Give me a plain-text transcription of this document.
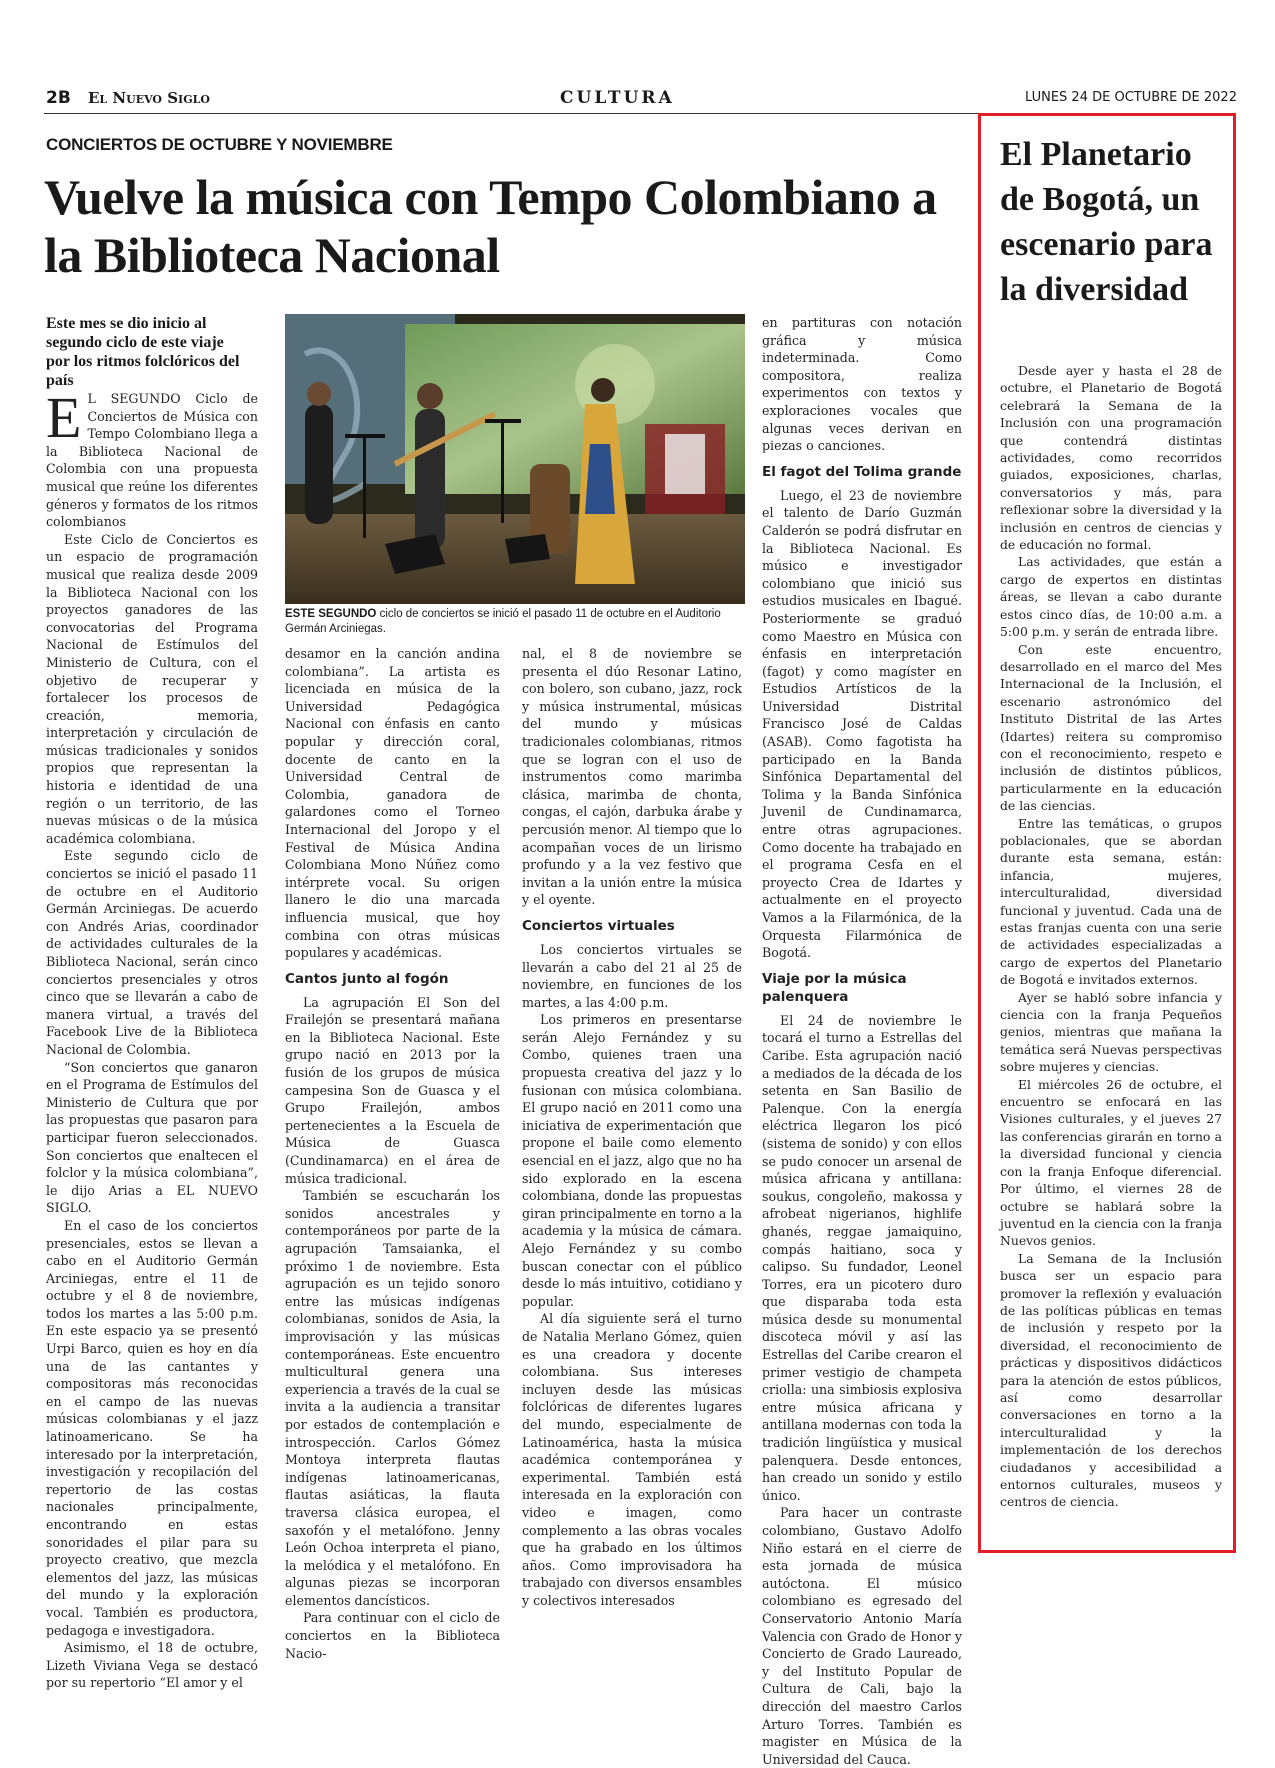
2B El Nuevo Siglo	CULTURA	LUNES 24 DE OCTUBRE DE 2022
CONCIERTOS DE OCTUBRE Y NOVIEMBRE
Vuelve la música con Tempo Colombiano a la Biblioteca Nacional

Este mes se dio inicio al segundo ciclo de este viaje por los ritmos folclóricos del país

E L SEGUNDO Ciclo de Conciertos de Música con Tempo Colombiano llega a la Biblioteca Nacional de Colombia con una propuesta musical que reúne los diferentes géneros y formatos de los ritmos colombianos

Este Ciclo de Conciertos es un espacio de programación musical que realiza desde 2009 la Biblioteca Nacional con los proyectos ganadores de las convocatorias del Programa Nacional de Estímulos del Ministerio de Cultura, con el objetivo de recuperar y fortalecer los procesos de creación, memoria, interpretación y circulación de músicas tradicionales y sonidos propios que representan la historia e identidad de una región o un territorio, de las nuevas músicas o de la música académica colombiana.

Este segundo ciclo de conciertos se inició el pasado 11 de octubre en el Auditorio Germán Arciniegas. De acuerdo con Andrés Arias, coordinador de actividades culturales de la Biblioteca Nacional, serán cinco conciertos presenciales y otros cinco que se llevarán a cabo de manera virtual, a través del Facebook Live de la Biblioteca Nacional de Colombia.

“Son conciertos que ganaron en el Programa de Estímulos del Ministerio de Cultura que por las propuestas que pasaron para participar fueron seleccionados. Son conciertos que enaltecen el folclor y la música colombiana”, le dijo Arias a EL NUEVO SIGLO.

En el caso de los conciertos presenciales, estos se llevan a cabo en el Auditorio Germán Arciniegas, entre el 11 de octubre y el 8 de noviembre, todos los martes a las 5:00 p.m. En este espacio ya se presentó Urpi Barco, quien es hoy en día una de las cantantes y compositoras más reconocidas en el campo de las nuevas músicas colombianas y el jazz latinoamericano. Se ha interesado por la interpretación, investigación y recopilación del repertorio de las costas nacionales principalmente, encontrando en estas sonoridades el pilar para su proyecto creativo, que mezcla elementos del jazz, las músicas del mundo y la exploración vocal. También es productora, pedagoga e investigadora.

Asimismo, el 18 de octubre, Lizeth Viviana Vega se destacó por su repertorio “El amor y el

ESTE SEGUNDO ciclo de conciertos se inició el pasado 11 de octubre en el Auditorio Germán Arciniegas.

desamor en la canción andina colombiana”. La artista es licenciada en música de la Universidad Pedagógica Nacional con énfasis en canto popular y dirección coral, docente de canto en la Universidad Central de Colombia, ganadora de galardones como el Torneo Internacional del Joropo y el Festival de Música Andina Colombiana Mono Núñez como intérprete vocal. Su origen llanero le dio una marcada influencia musical, que hoy combina con otras músicas populares y académicas.

Cantos junto al fogón

La agrupación El Son del Frailejón se presentará mañana en la Biblioteca Nacional. Este grupo nació en 2013 por la fusión de los grupos de música campesina Son de Guasca y el Grupo Frailejón, ambos pertenecientes a la Escuela de Música de Guasca (Cundinamarca) en el área de música tradicional.

También se escucharán los sonidos ancestrales y contemporáneos por parte de la agrupación Tamsaianka, el próximo 1 de noviembre. Esta agrupación es un tejido sonoro entre las músicas indígenas colombianas, sonidos de Asia, la improvisación y las músicas contemporáneas. Este encuentro multicultural genera una experiencia a través de la cual se invita a la audiencia a transitar por estados de contemplación e introspección. Carlos Gómez Montoya interpreta flautas indígenas latinoamericanas, flautas asiáticas, la flauta traversa clásica europea, el saxofón y el metalófono. Jenny León Ochoa interpreta el piano, la melódica y el metalófono. En algunas piezas se incorporan elementos dancísticos.

Para continuar con el ciclo de conciertos en la Biblioteca Nacio-

nal, el 8 de noviembre se presenta el dúo Resonar Latino, con bolero, son cubano, jazz, rock y música instrumental, músicas del mundo y músicas tradicionales colombianas, ritmos que se logran con el uso de instrumentos como marimba clásica, marimba de chonta, congas, el cajón, darbuka árabe y percusión menor. Al tiempo que lo acompañan voces de un lirismo profundo y a la vez festivo que invitan a la unión entre la música y el oyente.

Conciertos virtuales

Los conciertos virtuales se llevarán a cabo del 21 al 25 de noviembre, en funciones de los martes, a las 4:00 p.m.

Los primeros en presentarse serán Alejo Fernández y su Combo, quienes traen una propuesta creativa del jazz y lo fusionan con música colombiana. El grupo nació en 2011 como una iniciativa de experimentación que propone el baile como elemento esencial en el jazz, algo que no ha sido explorado en la escena colombiana, donde las propuestas giran principalmente en torno a la academia y la música de cámara. Alejo Fernández y su combo buscan conectar con el público desde lo más intuitivo, cotidiano y popular.

Al día siguiente será el turno de Natalia Merlano Gómez, quien es una creadora y docente colombiana. Sus intereses incluyen desde las músicas folclóricas de diferentes lugares del mundo, especialmente de Latinoamérica, hasta la música académica contemporánea y experimental. También está interesada en la exploración con video e imagen, como complemento a las obras vocales que ha grabado en los últimos años. Como improvisadora ha trabajado con diversos ensambles y colectivos interesados

en partituras con notación gráfica y música indeterminada. Como compositora, realiza experimentos con textos y exploraciones vocales que algunas veces derivan en piezas o canciones.

El fagot del Tolima grande

Luego, el 23 de noviembre el talento de Darío Guzmán Calderón se podrá disfrutar en la Biblioteca Nacional. Es músico e investigador colombiano que inició sus estudios musicales en Ibagué. Posteriormente se graduó como Maestro en Música con énfasis en interpretación (fagot) y como magíster en Estudios Artísticos de la Universidad Distrital Francisco José de Caldas (ASAB). Como fagotista ha participado en la Banda Sinfónica Departamental del Tolima y la Banda Sinfónica Juvenil de Cundinamarca, entre otras agrupaciones. Como docente ha trabajado en el programa Cesfa en el proyecto Crea de Idartes y actualmente en el proyecto Vamos a la Filarmónica, de la Orquesta Filarmónica de Bogotá.

Viaje por la música palenquera

El 24 de noviembre le tocará el turno a Estrellas del Caribe. Esta agrupación nació a mediados de la década de los setenta en San Basilio de Palenque. Con la energía eléctrica llegaron los picó (sistema de sonido) y con ellos se pudo conocer un arsenal de música africana y antillana: soukus, congoleño, makossa y afrobeat nigerianos, highlife ghanés, reggae jamaiquino, compás haitiano, soca y calipso. Su fundador, Leonel Torres, era un picotero duro que disparaba toda esta música desde su monumental discoteca móvil y así las Estrellas del Caribe crearon el primer vestigio de champeta criolla: una simbiosis explosiva entre música africana y antillana modernas con toda la tradición lingüística y musical palenquera. Desde entonces, han creado un sonido y estilo único.

Para hacer un contraste colombiano, Gustavo Adolfo Niño estará en el cierre de esta jornada de música autóctona. El músico colombiano es egresado del Conservatorio Antonio María Valencia con Grado de Honor y Concierto de Grado Laureado, y del Instituto Popular de Cultura de Cali, bajo la dirección del maestro Carlos Arturo Torres. También es magister en Música de la Universidad del Cauca.

El Planetario de Bogotá, un escenario para la diversidad

Desde ayer y hasta el 28 de octubre, el Planetario de Bogotá celebrará la Semana de la Inclusión con una programación que contendrá distintas actividades, como recorridos guiados, exposiciones, charlas, conversatorios y más, para reflexionar sobre la diversidad y la inclusión en centros de ciencias y de educación no formal.

Las actividades, que están a cargo de expertos en distintas áreas, se llevan a cabo durante estos cinco días, de 10:00 a.m. a 5:00 p.m. y serán de entrada libre.

Con este encuentro, desarrollado en el marco del Mes Internacional de la Inclusión, el escenario astronómico del Instituto Distrital de las Artes (Idartes) reitera su compromiso con el reconocimiento, respeto e inclusión de distintos públicos, particularmente en la educación de las ciencias.

Entre las temáticas, o grupos poblacionales, que se abordan durante esta semana, están: infancia, mujeres, interculturalidad, diversidad funcional y juventud. Cada una de estas franjas cuenta con una serie de actividades especializadas a cargo de expertos del Planetario de Bogotá e invitados externos.

Ayer se habló sobre infancia y ciencia con la franja Pequeños genios, mientras que mañana la temática será Nuevas perspectivas sobre mujeres y ciencias.

El miércoles 26 de octubre, el encuentro se enfocará en las Visiones culturales, y el jueves 27 las conferencias girarán en torno a la diversidad funcional y ciencia con la franja Enfoque diferencial. Por último, el viernes 28 de octubre se hablará sobre la juventud en la ciencia con la franja Nuevos genios.

La Semana de la Inclusión busca ser un espacio para promover la reflexión y evaluación de las políticas públicas en temas de inclusión y respeto por la diversidad, el reconocimiento de prácticas y dispositivos didácticos para la atención de estos públicos, así como desarrollar conversaciones en torno a la interculturalidad y la implementación de los derechos ciudadanos y accesibilidad a entornos culturales, museos y centros de ciencia.
